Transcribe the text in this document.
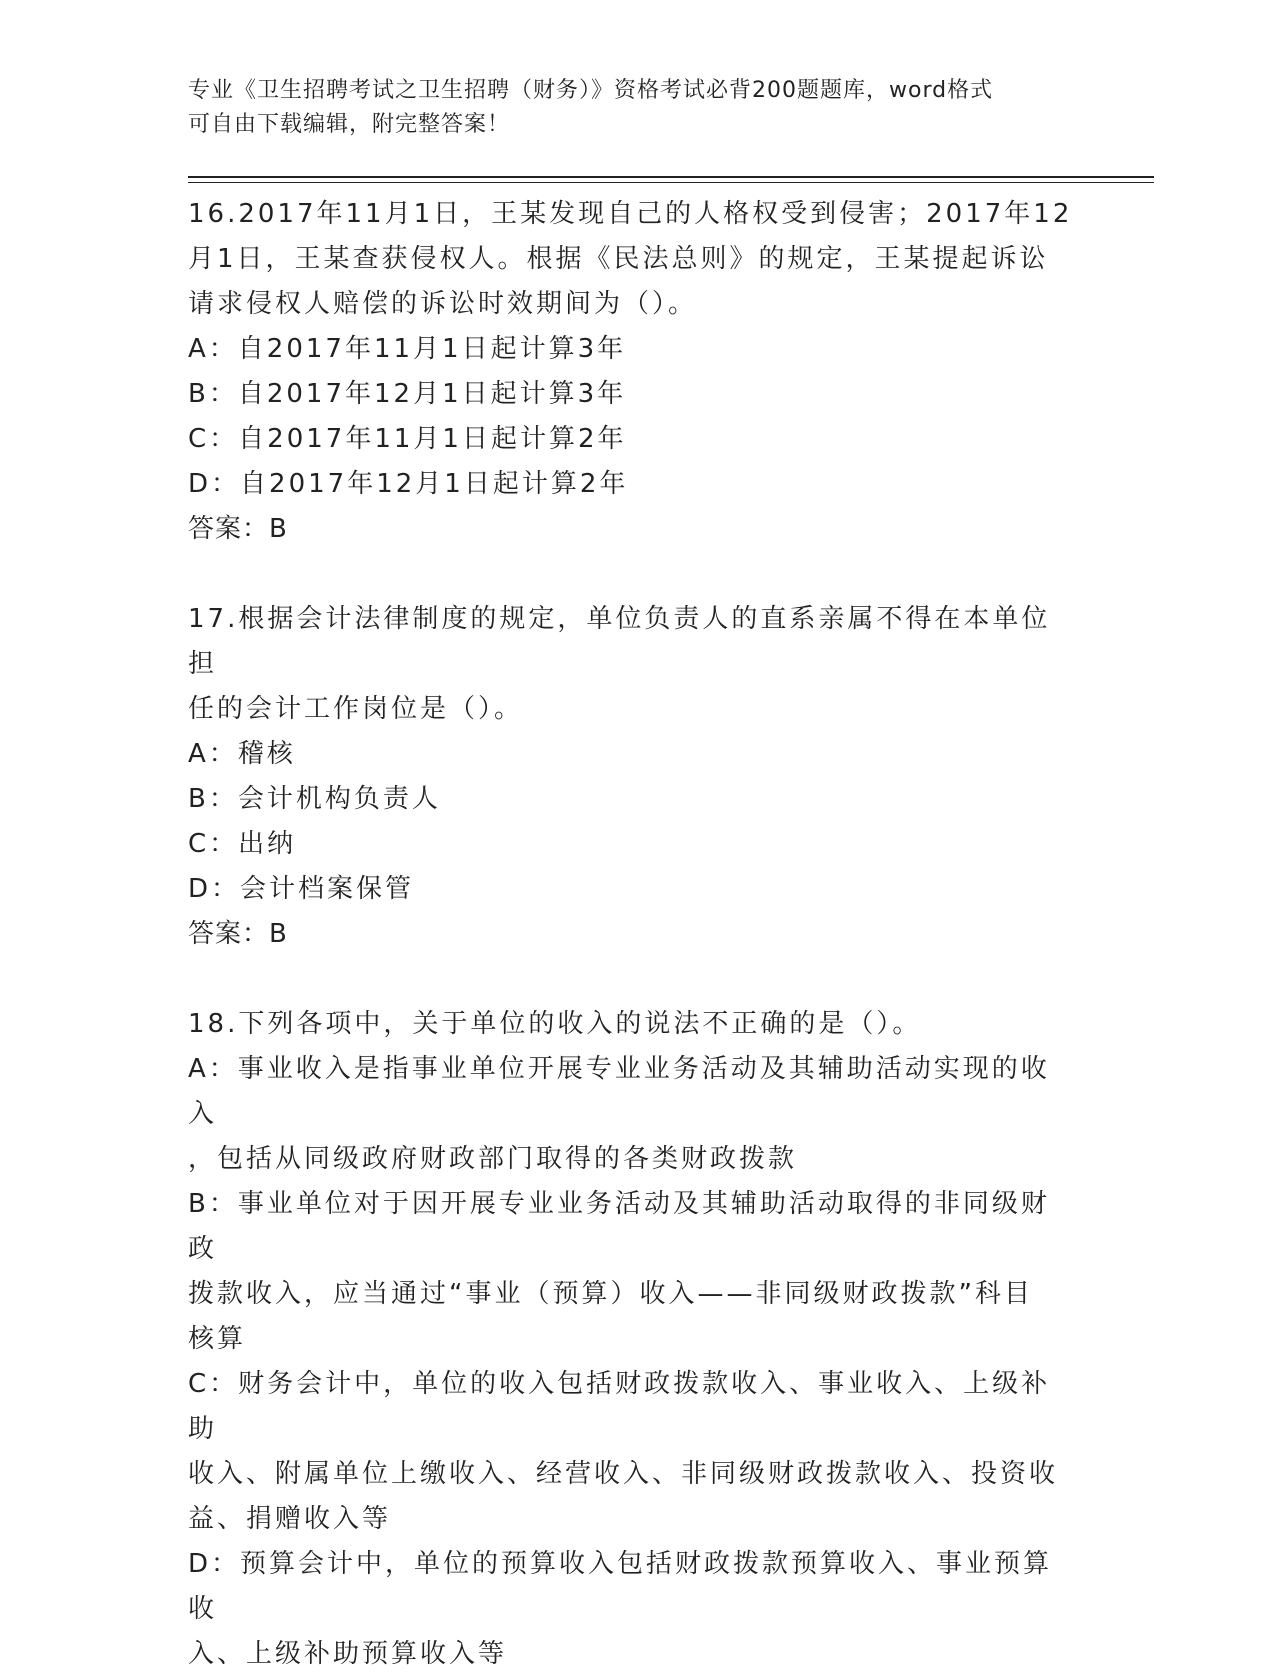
专业《卫生招聘考试之卫生招聘（财务）》资格考试必背200题题库，word格式
可自由下载编辑，附完整答案！
16.2017年11月1日，王某发现自己的人格权受到侵害；2017年12
月1日，王某查获侵权人。根据《民法总则》的规定，王某提起诉讼
请求侵权人赔偿的诉讼时效期间为（）。
A：自2017年11月1日起计算3年
B：自2017年12月1日起计算3年
C：自2017年11月1日起计算2年
D：自2017年12月1日起计算2年
答案：B
17.根据会计法律制度的规定，单位负责人的直系亲属不得在本单位担
任的会计工作岗位是（）。
A：稽核
B：会计机构负责人
C：出纳
D：会计档案保管
答案：B
18.下列各项中，关于单位的收入的说法不正确的是（）。
A：事业收入是指事业单位开展专业业务活动及其辅助活动实现的收入
，包括从同级政府财政部门取得的各类财政拨款
B：事业单位对于因开展专业业务活动及其辅助活动取得的非同级财政
拨款收入，应当通过“事业（预算）收入——非同级财政拨款”科目
核算
C：财务会计中，单位的收入包括财政拨款收入、事业收入、上级补助
收入、附属单位上缴收入、经营收入、非同级财政拨款收入、投资收
益、捐赠收入等
D：预算会计中，单位的预算收入包括财政拨款预算收入、事业预算收
入、上级补助预算收入等
